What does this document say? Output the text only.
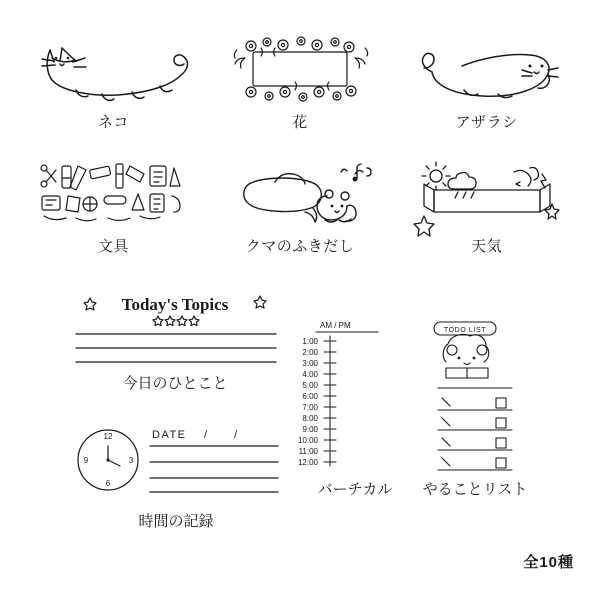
ネコ	花	アザラシ
文具	クマのふきだし	天気
Today's Topics
今日のひとこと
12
3
6
9
DATE / /
時間の記録
AM / PM
1:00
2:00
3:00
4:00
5:00
6:00
7:00
8:00
9:00
10:00
11:00
12:00
バーチカル
TODO LIST
やることリスト
全10種
